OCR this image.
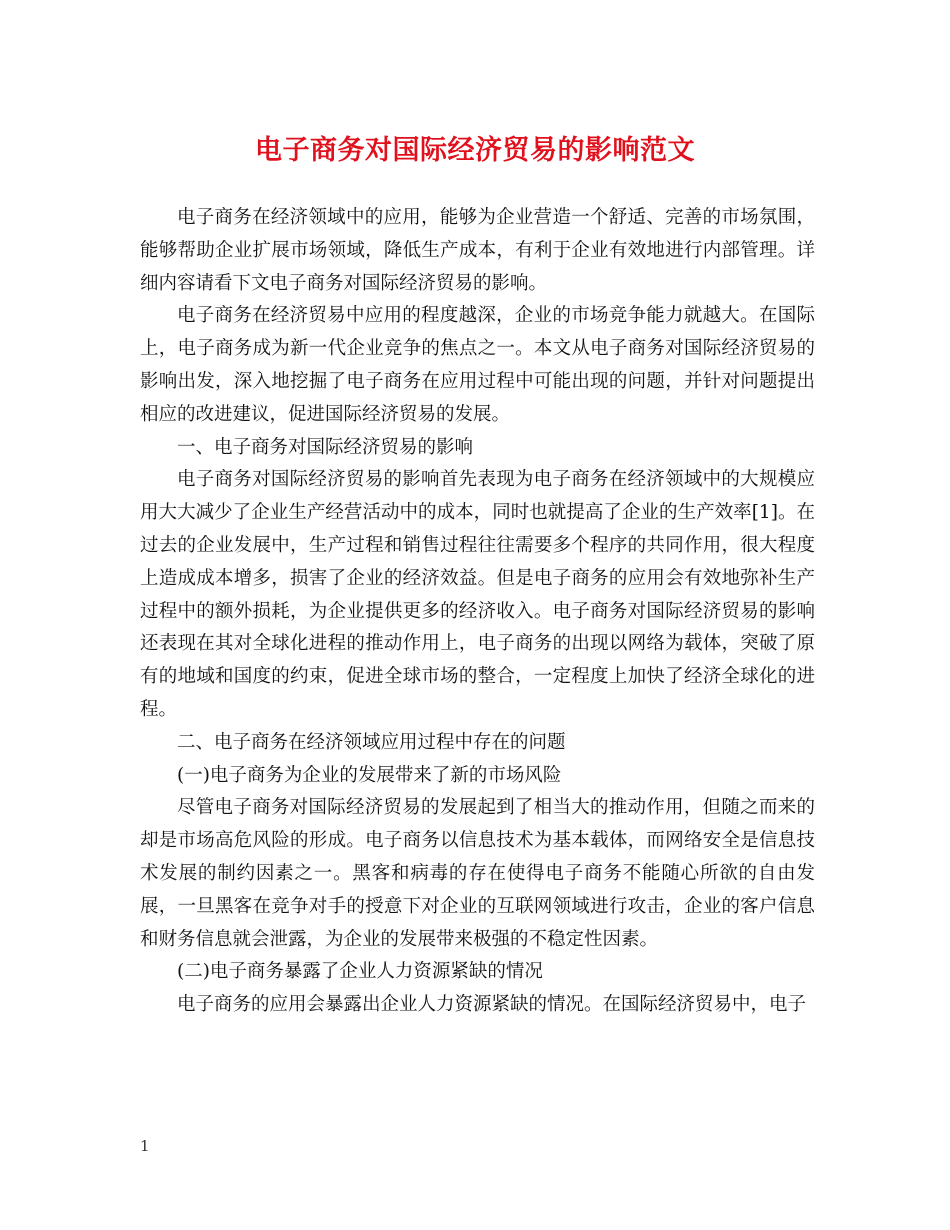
电子商务对国际经济贸易的影响范文

电子商务在经济领域中的应用，能够为企业营造一个舒适、完善的市场氛围，能够帮助企业扩展市场领域，降低生产成本，有利于企业有效地进行内部管理。详细内容请看下文电子商务对国际经济贸易的影响。

电子商务在经济贸易中应用的程度越深，企业的市场竞争能力就越大。在国际上，电子商务成为新一代企业竞争的焦点之一。本文从电子商务对国际经济贸易的影响出发，深入地挖掘了电子商务在应用过程中可能出现的问题，并针对问题提出相应的改进建议，促进国际经济贸易的发展。

一、电子商务对国际经济贸易的影响

电子商务对国际经济贸易的影响首先表现为电子商务在经济领域中的大规模应用大大减少了企业生产经营活动中的成本，同时也就提高了企业的生产效率[1]。在过去的企业发展中，生产过程和销售过程往往需要多个程序的共同作用，很大程度上造成成本增多，损害了企业的经济效益。但是电子商务的应用会有效地弥补生产过程中的额外损耗，为企业提供更多的经济收入。电子商务对国际经济贸易的影响还表现在其对全球化进程的推动作用上，电子商务的出现以网络为载体，突破了原有的地域和国度的约束，促进全球市场的整合，一定程度上加快了经济全球化的进程。

二、电子商务在经济领域应用过程中存在的问题

(一)电子商务为企业的发展带来了新的市场风险

尽管电子商务对国际经济贸易的发展起到了相当大的推动作用，但随之而来的却是市场高危风险的形成。电子商务以信息技术为基本载体，而网络安全是信息技术发展的制约因素之一。黑客和病毒的存在使得电子商务不能随心所欲的自由发展，一旦黑客在竞争对手的授意下对企业的互联网领域进行攻击，企业的客户信息和财务信息就会泄露，为企业的发展带来极强的不稳定性因素。

(二)电子商务暴露了企业人力资源紧缺的情况

电子商务的应用会暴露出企业人力资源紧缺的情况。在国际经济贸易中，电子

1
